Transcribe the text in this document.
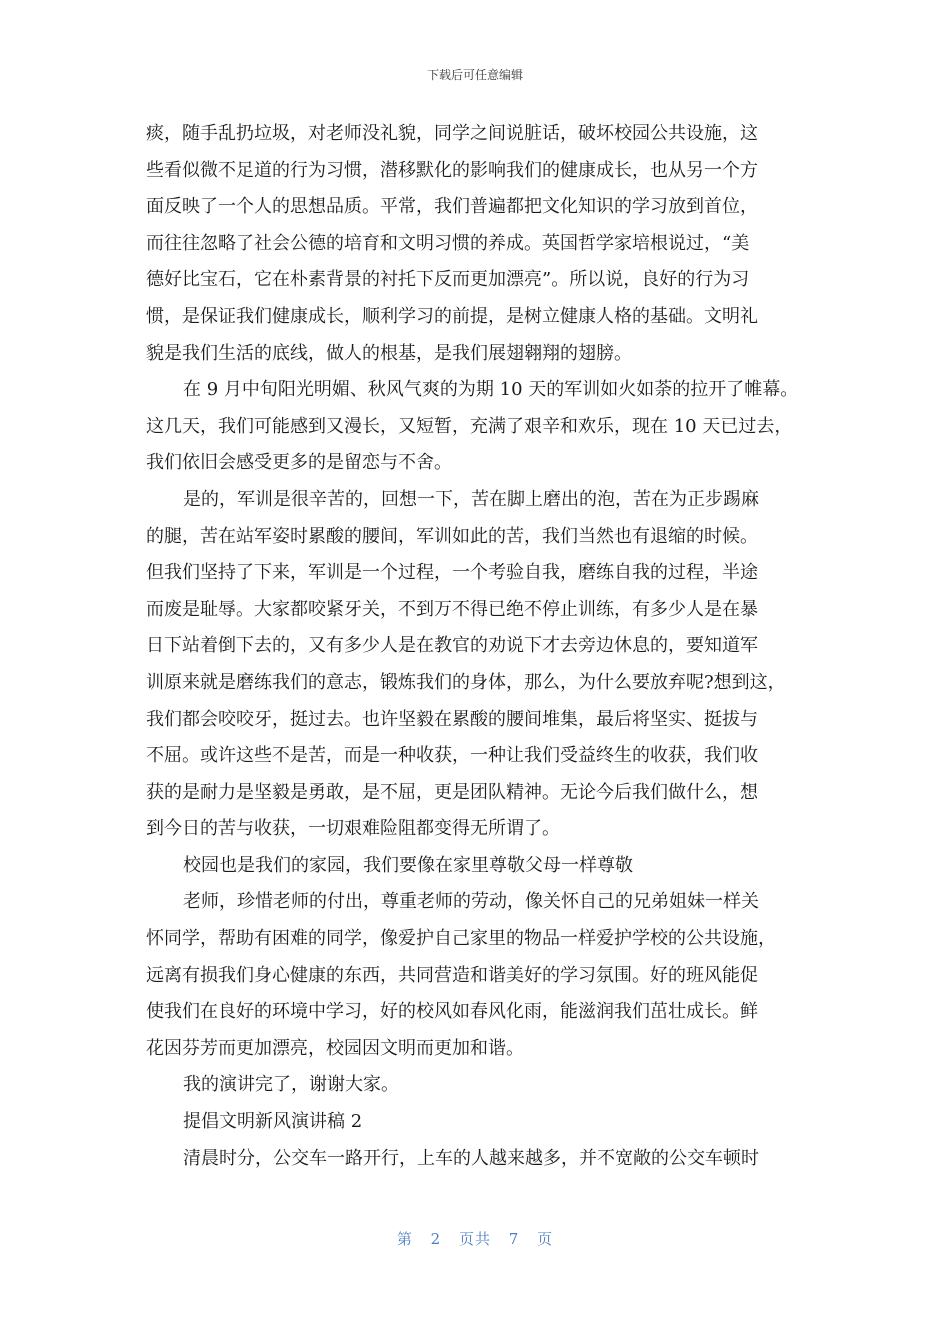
下载后可任意编辑
痰，随手乱扔垃圾，对老师没礼貌，同学之间说脏话，破坏校园公共设施，这
些看似微不足道的行为习惯，潜移默化的影响我们的健康成长，也从另一个方
面反映了一个人的思想品质。平常，我们普遍都把文化知识的学习放到首位，
而往往忽略了社会公德的培育和文明习惯的养成。英国哲学家培根说过，“美
德好比宝石，它在朴素背景的衬托下反而更加漂亮”。所以说，良好的行为习
惯，是保证我们健康成长，顺利学习的前提，是树立健康人格的基础。文明礼
貌是我们生活的底线，做人的根基，是我们展翅翱翔的翅膀。
在 9 月中旬阳光明媚、秋风气爽的为期 10 天的军训如火如荼的拉开了帷幕。
这几天，我们可能感到又漫长，又短暂，充满了艰辛和欢乐，现在 10 天已过去，
我们依旧会感受更多的是留恋与不舍。
是的，军训是很辛苦的，回想一下，苦在脚上磨出的泡，苦在为正步踢麻
的腿，苦在站军姿时累酸的腰间，军训如此的苦，我们当然也有退缩的时候。
但我们坚持了下来，军训是一个过程，一个考验自我，磨练自我的过程，半途
而废是耻辱。大家都咬紧牙关，不到万不得已绝不停止训练，有多少人是在暴
日下站着倒下去的，又有多少人是在教官的劝说下才去旁边休息的，要知道军
训原来就是磨练我们的意志，锻炼我们的身体，那么，为什么要放弃呢?想到这，
我们都会咬咬牙，挺过去。也许坚毅在累酸的腰间堆集，最后将坚实、挺拔与
不屈。或许这些不是苦，而是一种收获，一种让我们受益终生的收获，我们收
获的是耐力是坚毅是勇敢，是不屈，更是团队精神。无论今后我们做什么，想
到今日的苦与收获，一切艰难险阻都变得无所谓了。
校园也是我们的家园，我们要像在家里尊敬父母一样尊敬
老师，珍惜老师的付出，尊重老师的劳动，像关怀自己的兄弟姐妹一样关
怀同学，帮助有困难的同学，像爱护自己家里的物品一样爱护学校的公共设施，
远离有损我们身心健康的东西，共同营造和谐美好的学习氛围。好的班风能促
使我们在良好的环境中学习，好的校风如春风化雨，能滋润我们茁壮成长。鲜
花因芬芳而更加漂亮，校园因文明而更加和谐。
我的演讲完了，谢谢大家。
提倡文明新风演讲稿 2
清晨时分，公交车一路开行，上车的人越来越多，并不宽敞的公交车顿时
第 2 页共 7 页
